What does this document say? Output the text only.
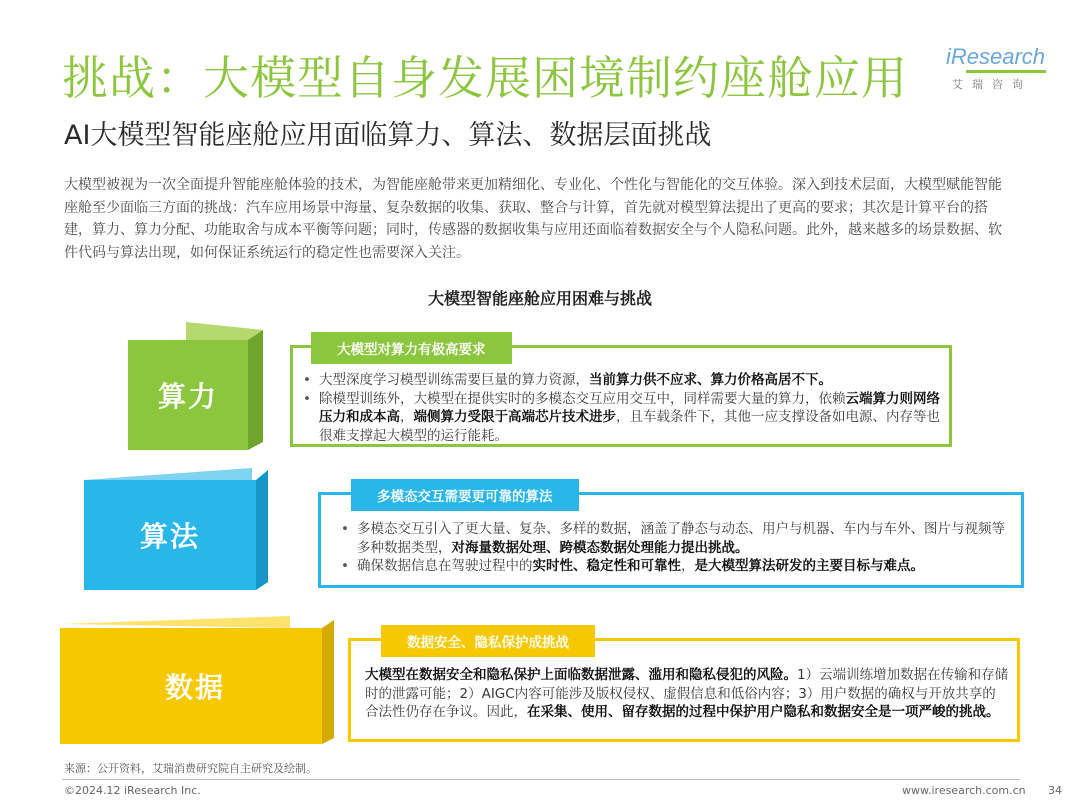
挑战：大模型自身发展困境制约座舱应用
AI大模型智能座舱应用面临算力、算法、数据层面挑战
iResearch
艾瑞咨询
大模型被视为一次全面提升智能座舱体验的技术，为智能座舱带来更加精细化、专业化、个性化与智能化的交互体验。深入到技术层面，大模型赋能智能座舱至少面临三方面的挑战：汽车应用场景中海量、复杂数据的收集、获取、整合与计算，首先就对模型算法提出了更高的要求；其次是计算平台的搭建，算力、算力分配、功能取舍与成本平衡等问题；同时，传感器的数据收集与应用还面临着数据安全与个人隐私问题。此外，越来越多的场景数据、软件代码与算法出现，如何保证系统运行的稳定性也需要深入关注。
大模型智能座舱应用困难与挑战
算力
大模型对算力有极高要求
• 大型深度学习模型训练需要巨量的算力资源，当前算力供不应求、算力价格高居不下。
• 除模型训练外，大模型在提供实时的多模态交互应用交互中，同样需要大量的算力，依赖云端算力则网络压力和成本高，端侧算力受限于高端芯片技术进步，且车载条件下，其他一应支撑设备如电源、内存等也很难支撑起大模型的运行能耗。
算法
多模态交互需要更可靠的算法
• 多模态交互引入了更大量、复杂、多样的数据，涵盖了静态与动态、用户与机器、车内与车外、图片与视频等多种数据类型，对海量数据处理、跨模态数据处理能力提出挑战。
• 确保数据信息在驾驶过程中的实时性、稳定性和可靠性，是大模型算法研发的主要目标与难点。
数据
数据安全、隐私保护成挑战

大模型在数据安全和隐私保护上面临数据泄露、滥用和隐私侵犯的风险。1）云端训练增加数据在传输和存储时的泄露可能；2）AIGC内容可能涉及版权侵权、虚假信息和低俗内容；3）用户数据的确权与开放共享的合法性仍存在争议。因此，在采集、使用、留存数据的过程中保护用户隐私和数据安全是一项严峻的挑战。

来源：公开资料，艾瑞消费研究院自主研究及绘制。
©2024.12 iResearch Inc.	www.iresearch.com.cn 34
